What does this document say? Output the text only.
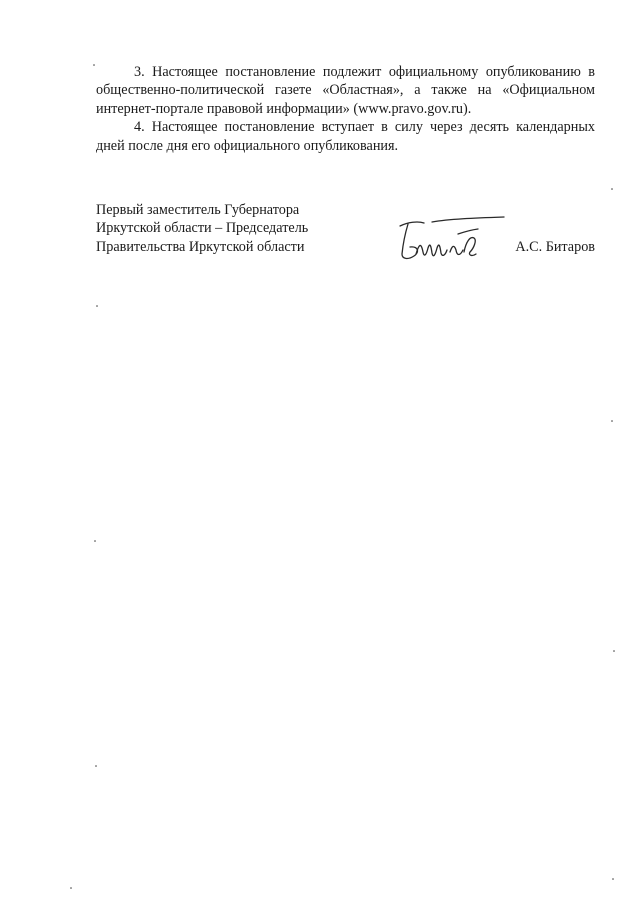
3. Настоящее постановление подлежит официальному опубликованию в общественно-политической газете «Областная», а также на «Официальном интернет-портале правовой информации» (www.pravo.gov.ru).

4. Настоящее постановление вступает в силу через десять календарных дней после дня его официального опубликования.

Первый заместитель Губернатора
Иркутской области – Председатель
Правительства Иркутской области	А.С. Битаров
